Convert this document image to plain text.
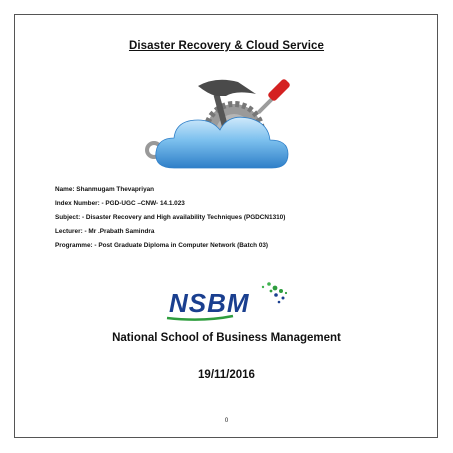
Disaster Recovery & Cloud Service
Name: Shanmugam Thevapriyan
Index Number: - PGD-UGC –CNW- 14.1.023
Subject: - Disaster Recovery and High availability Techniques (PGDCN1310)
Lecturer: - Mr .Prabath Samindra
Programme: - Post Graduate Diploma in Computer Network (Batch 03)
NSBM
National School of Business Management
19/11/2016
0
